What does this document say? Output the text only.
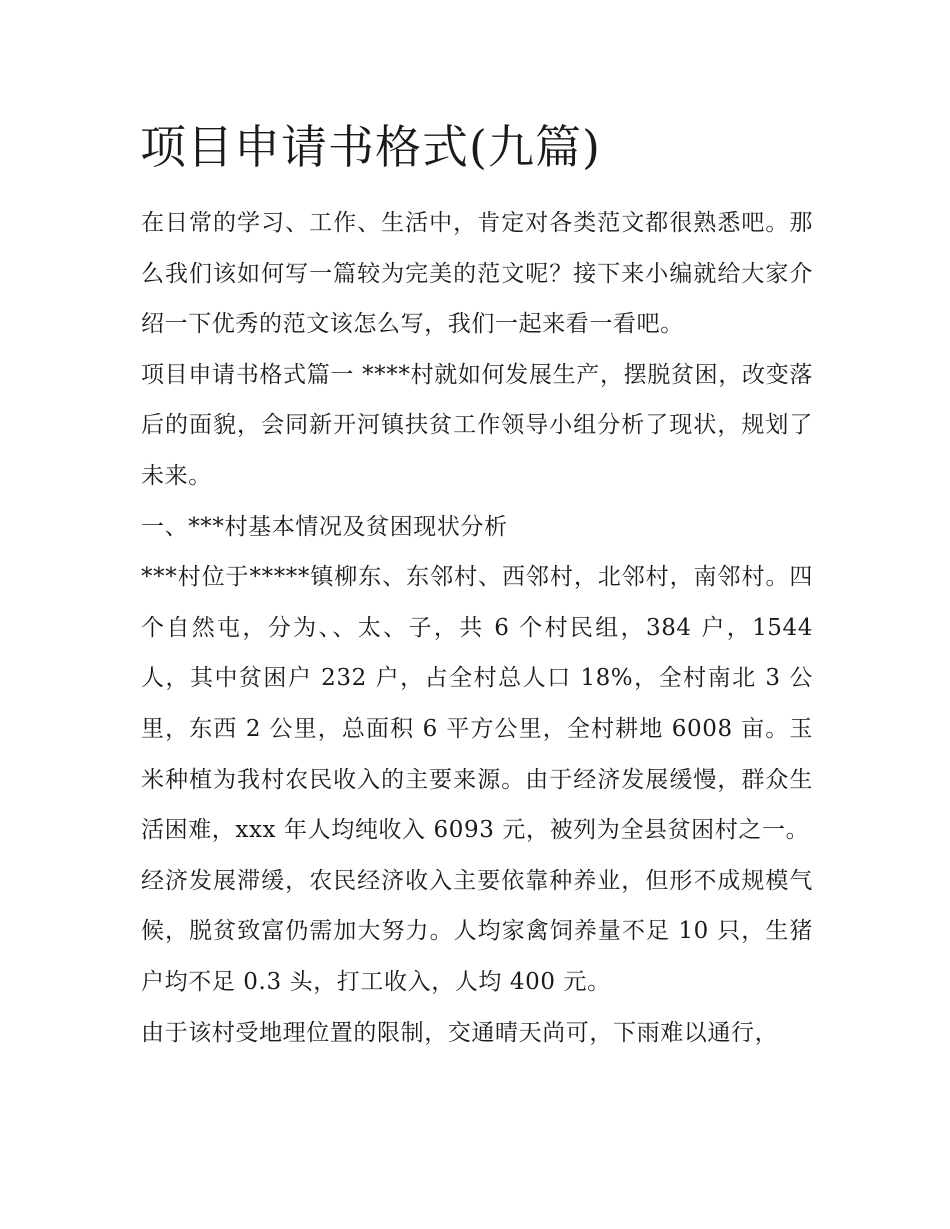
项目申请书格式(九篇)

在日常的学习、工作、生活中，肯定对各类范文都很熟悉吧。那么我们该如何写一篇较为完美的范文呢？接下来小编就给大家介绍一下优秀的范文该怎么写，我们一起来看一看吧。

项目申请书格式篇一 ****村就如何发展生产，摆脱贫困，改变落后的面貌，会同新开河镇扶贫工作领导小组分析了现状，规划了未来。

一、***村基本情况及贫困现状分析

***村位于*****镇柳东、东邻村、西邻村，北邻村，南邻村。四个自然屯，分为、、太、子，共 6 个村民组，384 户，1544 人，其中贫困户 232 户，占全村总人口 18%，全村南北 3 公里，东西 2 公里，总面积 6 平方公里，全村耕地 6008 亩。玉米种植为我村农民收入的主要来源。由于经济发展缓慢，群众生活困难，xxx 年人均纯收入 6093 元，被列为全县贫困村之一。

经济发展滞缓，农民经济收入主要依靠种养业，但形不成规模气候，脱贫致富仍需加大努力。人均家禽饲养量不足 10 只，生猪户均不足 0.3 头，打工收入，人均 400 元。

由于该村受地理位置的限制，交通晴天尚可，下雨难以通行，
